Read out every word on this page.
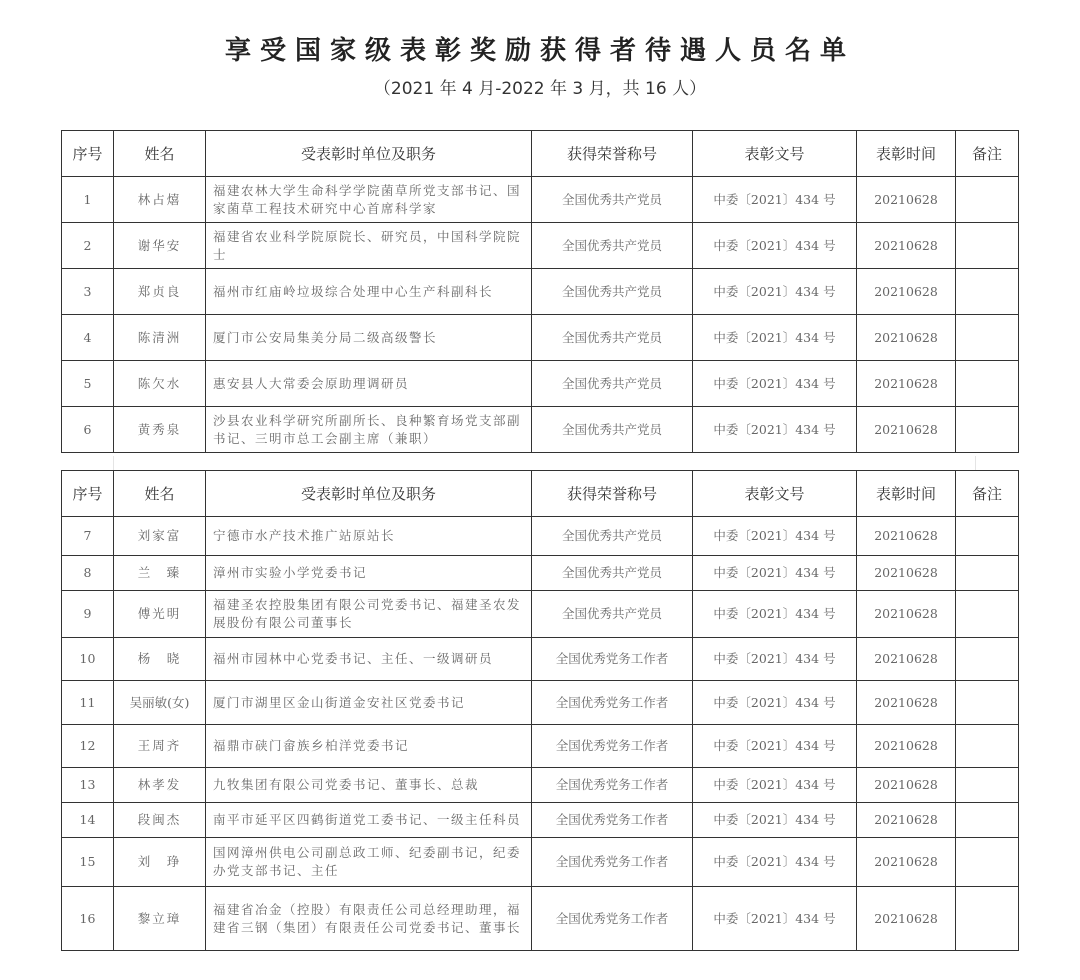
享受国家级表彰奖励获得者待遇人员名单
（2021 年 4 月-2022 年 3 月，共 16 人）
序号	姓名	受表彰时单位及职务	获得荣誉称号	表彰文号	表彰时间	备注
1	林占熺	福建农林大学生命科学学院菌草所党支部书记、国家菌草工程技术研究中心首席科学家	全国优秀共产党员	中委〔2021〕434 号	20210628	
2	谢华安	福建省农业科学院原院长、研究员，中国科学院院士	全国优秀共产党员	中委〔2021〕434 号	20210628	
3	郑贞良	福州市红庙岭垃圾综合处理中心生产科副科长	全国优秀共产党员	中委〔2021〕434 号	20210628	
4	陈清洲	厦门市公安局集美分局二级高级警长	全国优秀共产党员	中委〔2021〕434 号	20210628	
5	陈欠水	惠安县人大常委会原助理调研员	全国优秀共产党员	中委〔2021〕434 号	20210628	
6	黄秀泉	沙县农业科学研究所副所长、良种繁育场党支部副书记、三明市总工会副主席（兼职）	全国优秀共产党员	中委〔2021〕434 号	20210628	
序号	姓名	受表彰时单位及职务	获得荣誉称号	表彰文号	表彰时间	备注
7	刘家富	宁德市水产技术推广站原站长	全国优秀共产党员	中委〔2021〕434 号	20210628	
8	兰　臻	漳州市实验小学党委书记	全国优秀共产党员	中委〔2021〕434 号	20210628	
9	傅光明	福建圣农控股集团有限公司党委书记、福建圣农发展股份有限公司董事长	全国优秀共产党员	中委〔2021〕434 号	20210628	
10	杨　晓	福州市园林中心党委书记、主任、一级调研员	全国优秀党务工作者	中委〔2021〕434 号	20210628	
11	吴丽敏(女)	厦门市湖里区金山街道金安社区党委书记	全国优秀党务工作者	中委〔2021〕434 号	20210628	
12	王周齐	福鼎市硖门畲族乡柏洋党委书记	全国优秀党务工作者	中委〔2021〕434 号	20210628	
13	林孝发	九牧集团有限公司党委书记、董事长、总裁	全国优秀党务工作者	中委〔2021〕434 号	20210628	
14	段闽杰	南平市延平区四鹤街道党工委书记、一级主任科员	全国优秀党务工作者	中委〔2021〕434 号	20210628	
15	刘　琤	国网漳州供电公司副总政工师、纪委副书记，纪委办党支部书记、主任	全国优秀党务工作者	中委〔2021〕434 号	20210628	
16	黎立璋	福建省冶金（控股）有限责任公司总经理助理，福建省三钢（集团）有限责任公司党委书记、董事长	全国优秀党务工作者	中委〔2021〕434 号	20210628	
